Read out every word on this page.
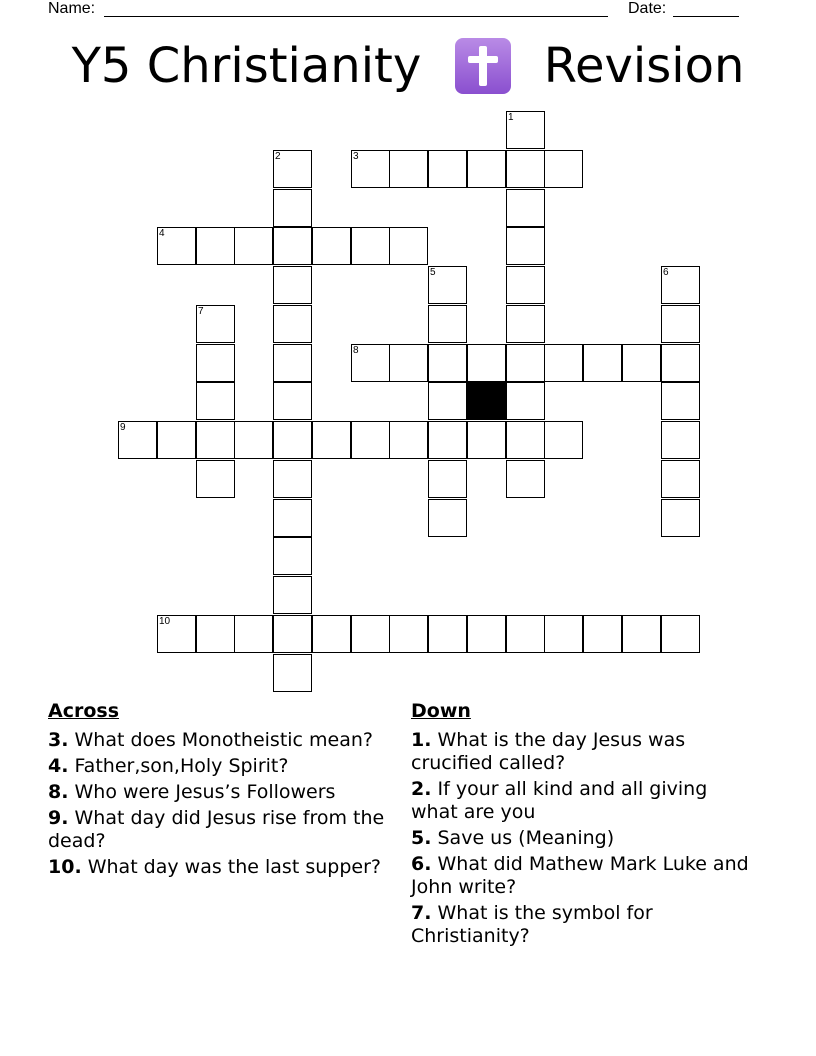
Name:	Date:
Y5 Christianity	Revision
1
2	3
4
5	6
7
8
9
10
Across
3. What does Monotheistic mean?
4. Father,son,Holy Spirit?
8. Who were Jesus’s Followers
9. What day did Jesus rise from the dead?
10. What day was the last supper?
Down
1. What is the day Jesus was crucified called?
2. If your all kind and all giving what are you
5. Save us (Meaning)
6. What did Mathew Mark Luke and John write?
7. What is the symbol for Christianity?
